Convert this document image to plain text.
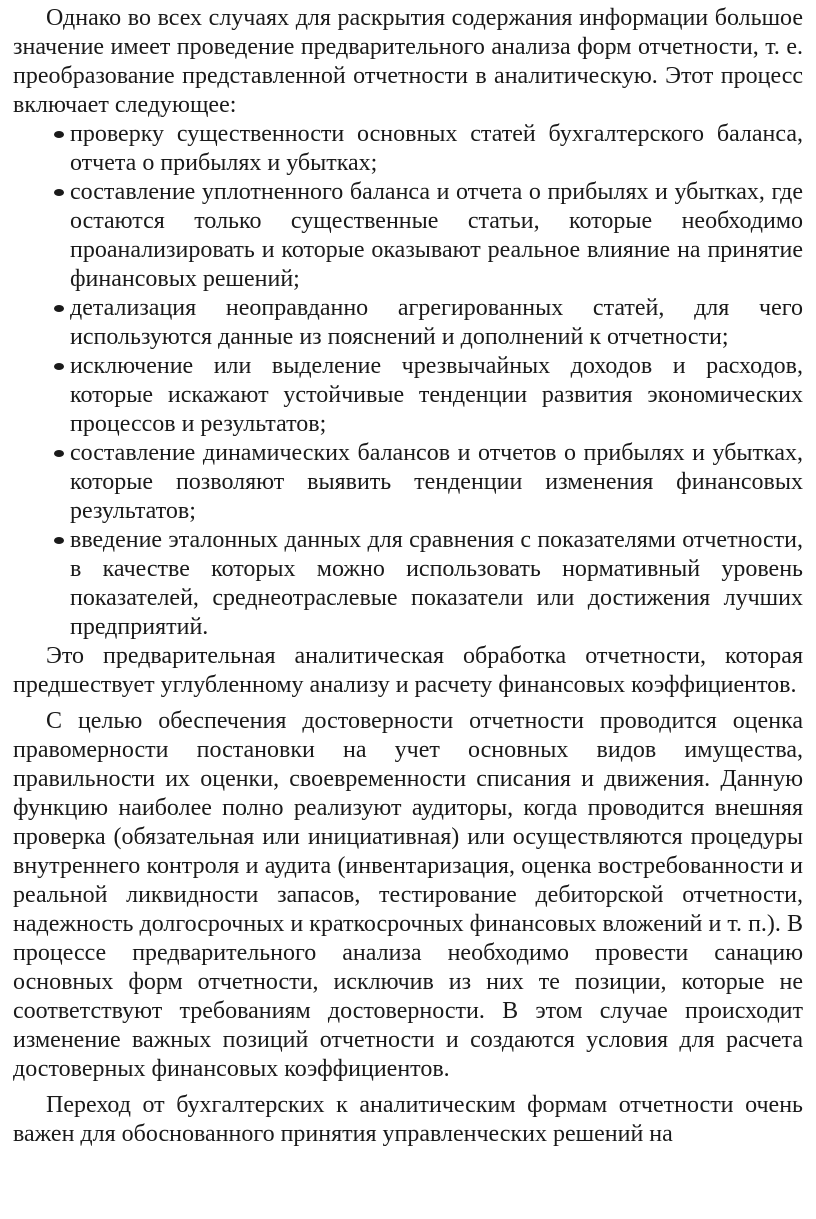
Однако во всех случаях для раскрытия содержания информации большое значение имеет проведение предварительного анализа форм отчетности, т. е. преобразование представленной отчетности в аналитическую. Этот процесс включает следующее:

проверку существенности основных статей бухгалтерского баланса, отчета о прибылях и убытках;
составление уплотненного баланса и отчета о прибылях и убытках, где остаются только существенные статьи, которые необходимо проанализировать и которые оказывают реальное влияние на принятие финансовых решений;
детализация неоправданно агрегированных статей, для чего используются данные из пояснений и дополнений к отчетности;
исключение или выделение чрезвычайных доходов и расходов, которые искажают устойчивые тенденции развития экономических процессов и результатов;
составление динамических балансов и отчетов о прибылях и убытках, которые позволяют выявить тенденции изменения финансовых результатов;
введение эталонных данных для сравнения с показателями отчетности, в качестве которых можно использовать нормативный уровень показателей, среднеотраслевые показатели или достижения лучших предприятий.

Это предварительная аналитическая обработка отчетности, которая предшествует углубленному анализу и расчету финансовых коэффициентов.

С целью обеспечения достоверности отчетности проводится оценка правомерности постановки на учет основных видов имущества, правильности их оценки, своевременности списания и движения. Данную функцию наиболее полно реализуют аудиторы, когда проводится внешняя проверка (обязательная или инициативная) или осуществляются процедуры внутреннего контроля и аудита (инвентаризация, оценка востребованности и реальной ликвидности запасов, тестирование дебиторской отчетности, надежность долгосрочных и краткосрочных финансовых вложений и т. п.). В процессе предварительного анализа необходимо провести санацию основных форм отчетности, исключив из них те позиции, которые не соответствуют требованиям достоверности. В этом случае происходит изменение важных позиций отчетности и создаются условия для расчета достоверных финансовых коэффициентов.

Переход от бухгалтерских к аналитическим формам отчетности очень важен для обоснованного принятия управленческих решений на
